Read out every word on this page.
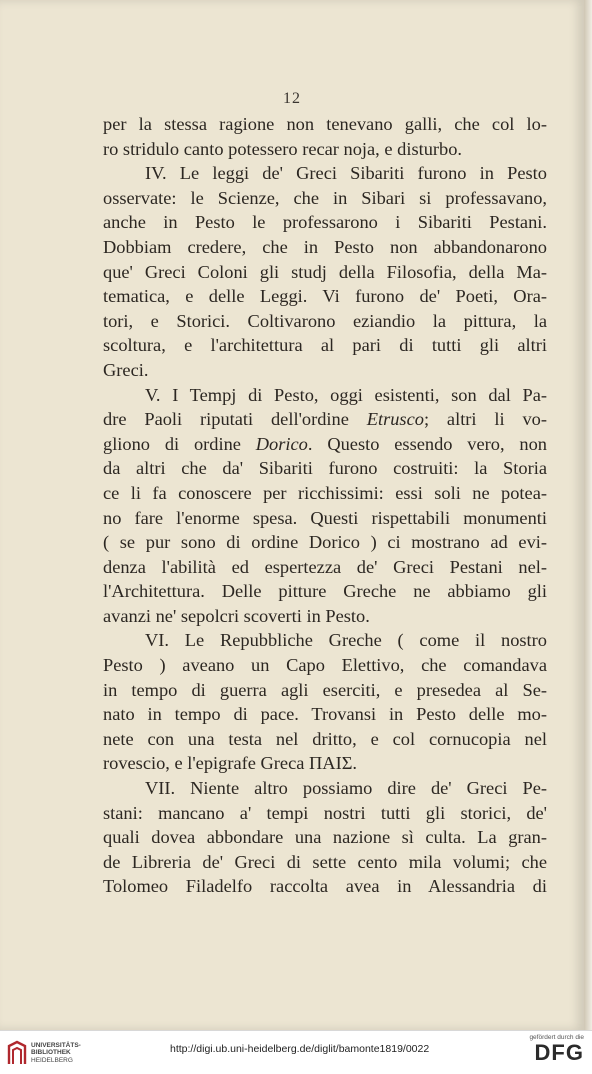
12
per la stessa ragione non tenevano galli, che col lo-
ro stridulo canto potessero recar noja, e disturbo.
IV. Le leggi de' Greci Sibariti furono in Pesto
osservate: le Scienze, che in Sibari si professavano,
anche in Pesto le professarono i Sibariti Pestani.
Dobbiam credere, che in Pesto non abbandonarono
que' Greci Coloni gli studj della Filosofia, della Ma-
tematica, e delle Leggi. Vi furono de' Poeti, Ora-
tori, e Storici. Coltivarono eziandio la pittura, la
scoltura, e l'architettura al pari di tutti gli altri
Greci.
V. I Tempj di Pesto, oggi esistenti, son dal Pa-
dre Paoli riputati dell'ordine Etrusco; altri li vo-
gliono di ordine Dorico. Questo essendo vero, non
da altri che da' Sibariti furono costruiti: la Storia
ce li fa conoscere per ricchissimi: essi soli ne potea-
no fare l'enorme spesa. Questi rispettabili monumenti
( se pur sono di ordine Dorico ) ci mostrano ad evi-
denza l'abilità ed espertezza de' Greci Pestani nel-
l'Architettura. Delle pitture Greche ne abbiamo gli
avanzi ne' sepolcri scoverti in Pesto.
VI. Le Repubbliche Greche ( come il nostro
Pesto ) aveano un Capo Elettivo, che comandava
in tempo di guerra agli eserciti, e presedea al Se-
nato in tempo di pace. Trovansi in Pesto delle mo-
nete con una testa nel dritto, e col cornucopia nel
rovescio, e l'epigrafe Greca ΠΑΙΣ.
VII. Niente altro possiamo dire de' Greci Pe-
stani: mancano a' tempi nostri tutti gli storici, de'
quali dovea abbondare una nazione sì culta. La gran-
de Libreria de' Greci di sette cento mila volumi; che
Tolomeo Filadelfo raccolta avea in Alessandria di
UNIVERSITÄTS-
BIBLIOTHEK
HEIDELBERG
http://digi.ub.uni-heidelberg.de/diglit/bamonte1819/0022
gefördert durch die
DFG
